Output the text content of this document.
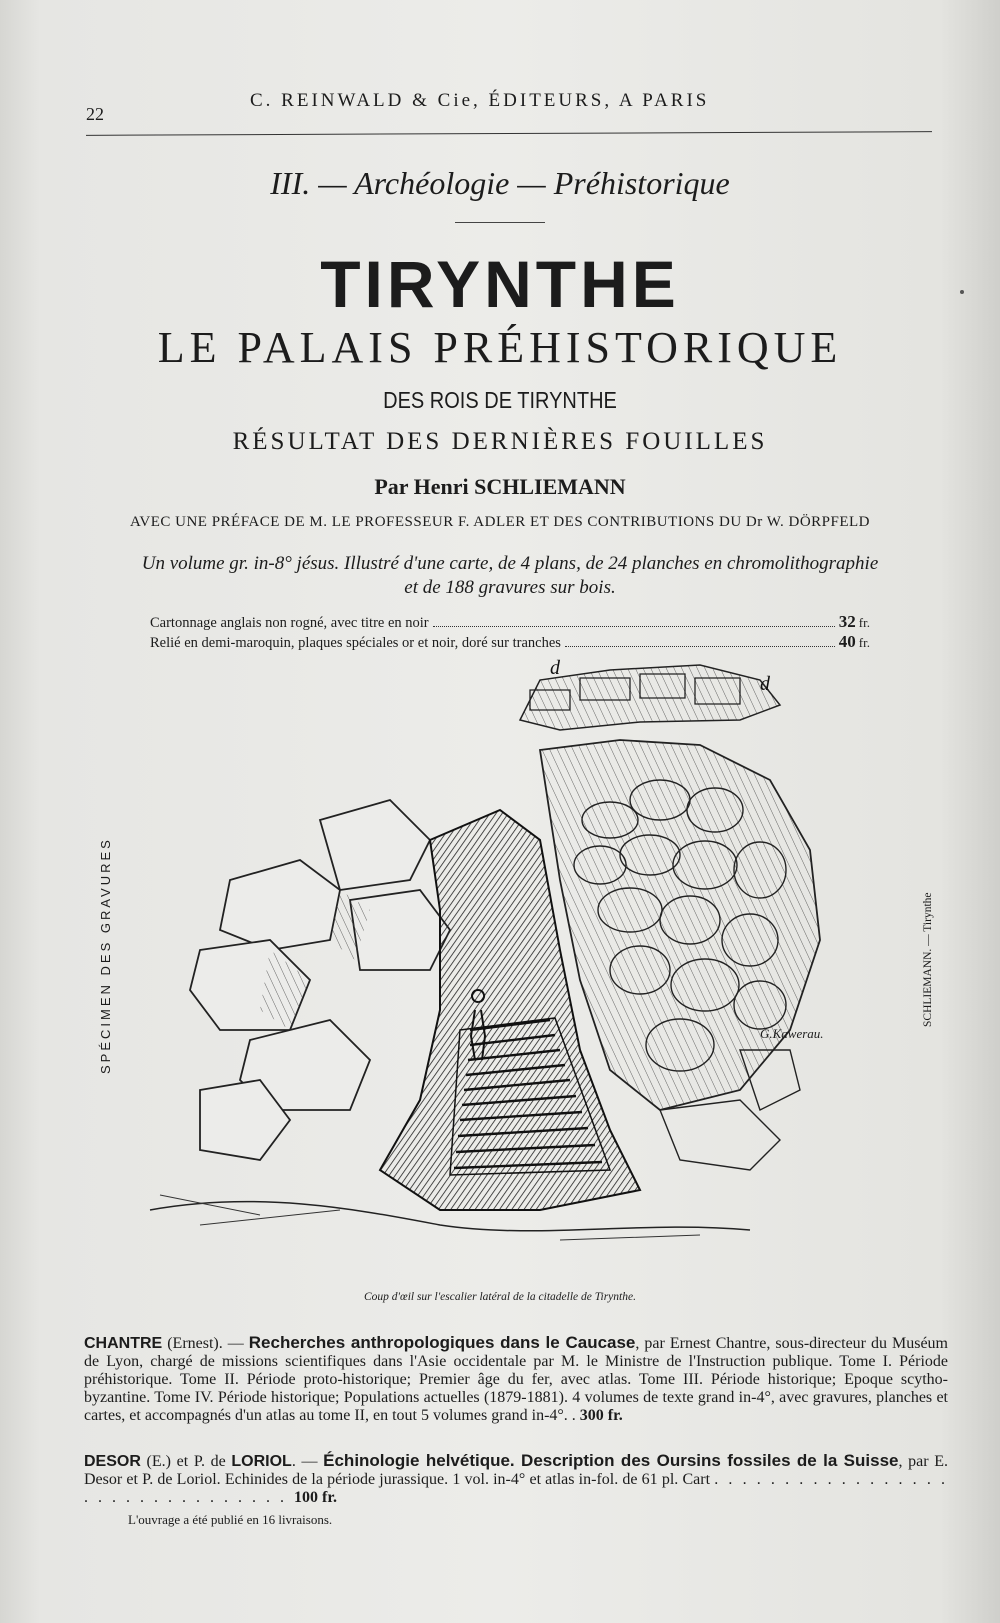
22
C. REINWALD & Cie, ÉDITEURS, A PARIS
III. — Archéologie — Préhistorique
TIRYNTHE
LE PALAIS PRÉHISTORIQUE
DES ROIS DE TIRYNTHE
RÉSULTAT DES DERNIÈRES FOUILLES
Par Henri SCHLIEMANN
AVEC UNE PRÉFACE DE M. LE PROFESSEUR F. ADLER ET DES CONTRIBUTIONS DU Dr W. DÖRPFELD
Un volume gr. in-8° jésus. Illustré d'une carte, de 4 plans, de 24 planches en chromolithographie
et de 188 gravures sur bois.
Cartonnage anglais non rogné, avec titre en noir	32 fr.
Relié en demi-maroquin, plaques spéciales or et noir, doré sur tranches	40 fr.
d
d
SPÉCIMEN DES GRAVURES	SCHLIEMANN. — Tirynthe
G.Kawerau.
Coup d'œil sur l'escalier latéral de la citadelle de Tirynthe.
CHANTRE (Ernest). — Recherches anthropologiques dans le Caucase, par Ernest Chantre, sous-directeur du Muséum de Lyon, chargé de missions scientifiques dans l'Asie occidentale par M. le Ministre de l'Instruction publique. Tome I. Période préhistorique. Tome II. Période proto-historique; Premier âge du fer, avec atlas. Tome III. Période historique; Epoque scytho-byzantine. Tome IV. Période historique; Populations actuelles (1879-1881). 4 volumes de texte grand in-4°, avec gravures, planches et cartes, et accompagnés d'un atlas au tome II, en tout 5 volumes grand in-4°. . 300 fr.
DESOR (E.) et P. de LORIOL. — Échinologie helvétique. Description des Oursins fossiles de la Suisse, par E. Desor et P. de Loriol. Echinides de la période jurassique. 1 vol. in-4° et atlas in-fol. de 61 pl. Cart . . . . . . . . . . . . . . . . . . . . . . . . . . . . . . . . 100 fr.
L'ouvrage a été publié en 16 livraisons.
